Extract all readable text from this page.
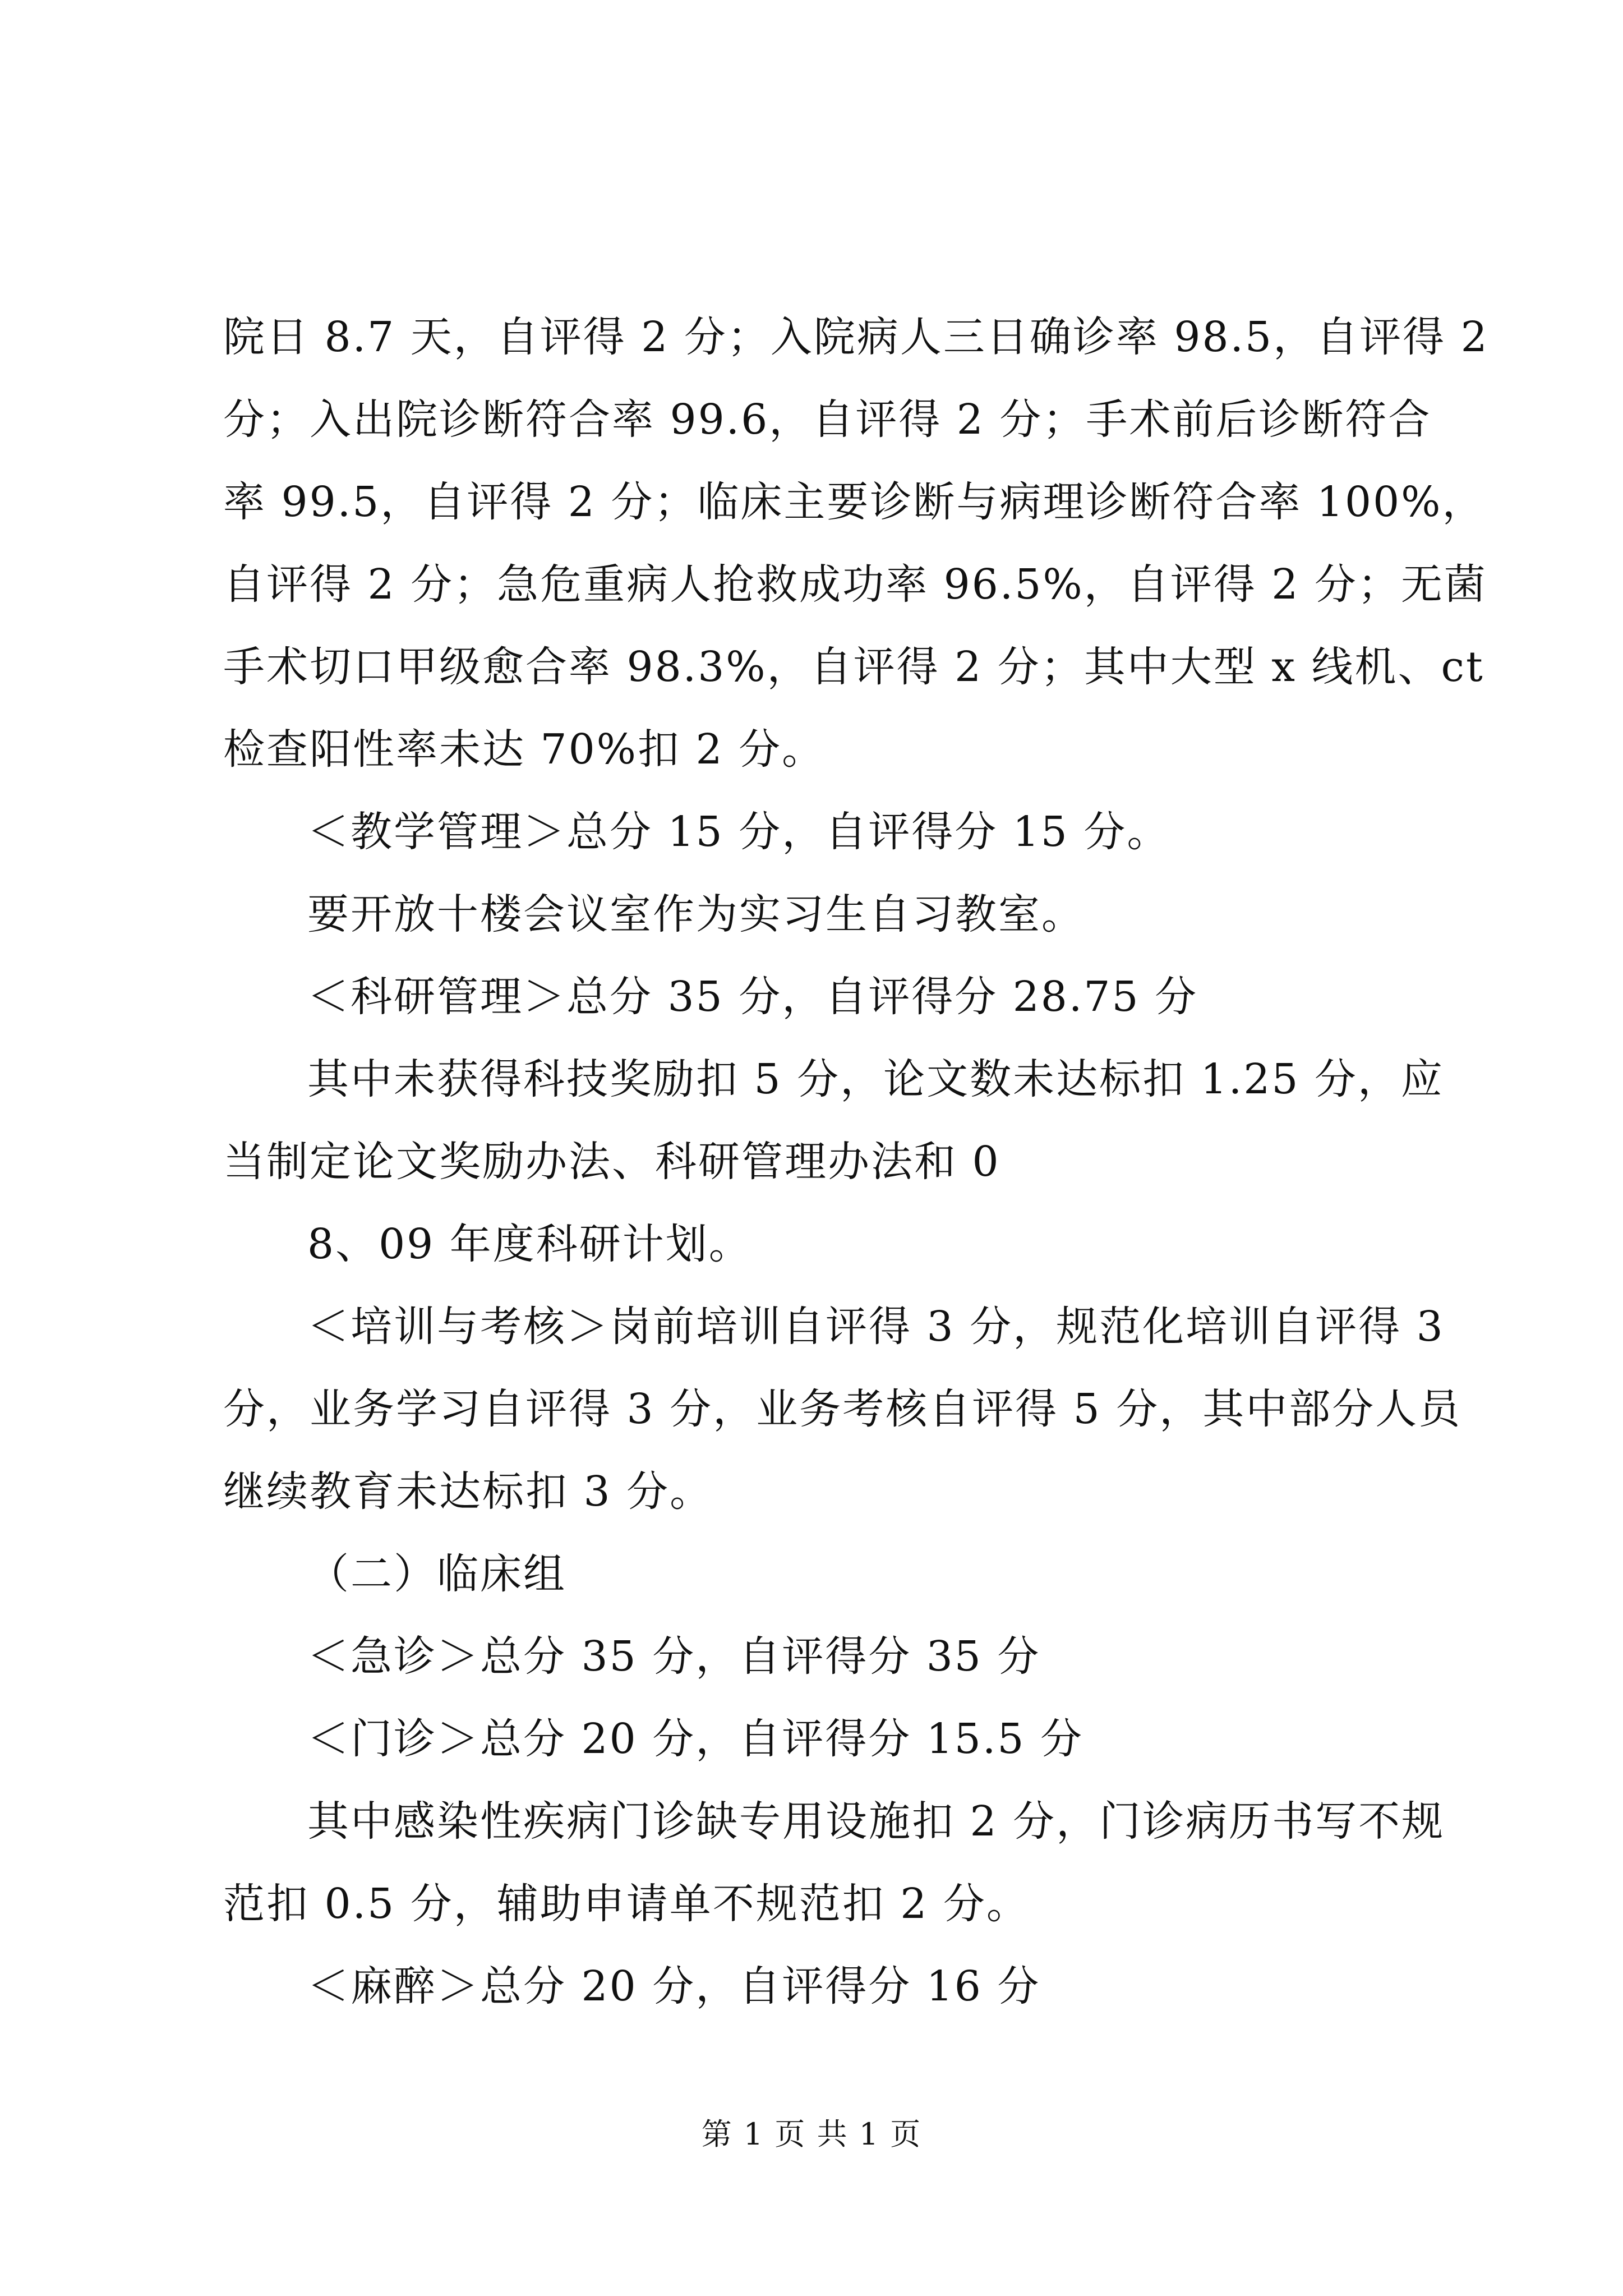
院日 8.7 天，自评得 2 分；入院病人三日确诊率 98.5，自评得 2
分；入出院诊断符合率 99.6，自评得 2 分；手术前后诊断符合
率 99.5，自评得 2 分；临床主要诊断与病理诊断符合率 100%，
自评得 2 分；急危重病人抢救成功率 96.5%，自评得 2 分；无菌
手术切口甲级愈合率 98.3%，自评得 2 分；其中大型 x 线机、ct
检查阳性率未达 70%扣 2 分。
＜教学管理＞总分 15 分，自评得分 15 分。
要开放十楼会议室作为实习生自习教室。
＜科研管理＞总分 35 分，自评得分 28.75 分
其中未获得科技奖励扣 5 分，论文数未达标扣 1.25 分，应
当制定论文奖励办法、科研管理办法和 0
8、09 年度科研计划。
＜培训与考核＞岗前培训自评得 3 分，规范化培训自评得 3
分，业务学习自评得 3 分，业务考核自评得 5 分，其中部分人员
继续教育未达标扣 3 分。
（二）临床组
＜急诊＞总分 35 分，自评得分 35 分
＜门诊＞总分 20 分，自评得分 15.5 分
其中感染性疾病门诊缺专用设施扣 2 分，门诊病历书写不规
范扣 0.5 分，辅助申请单不规范扣 2 分。
＜麻醉＞总分 20 分，自评得分 16 分
第 1 页 共 1 页
